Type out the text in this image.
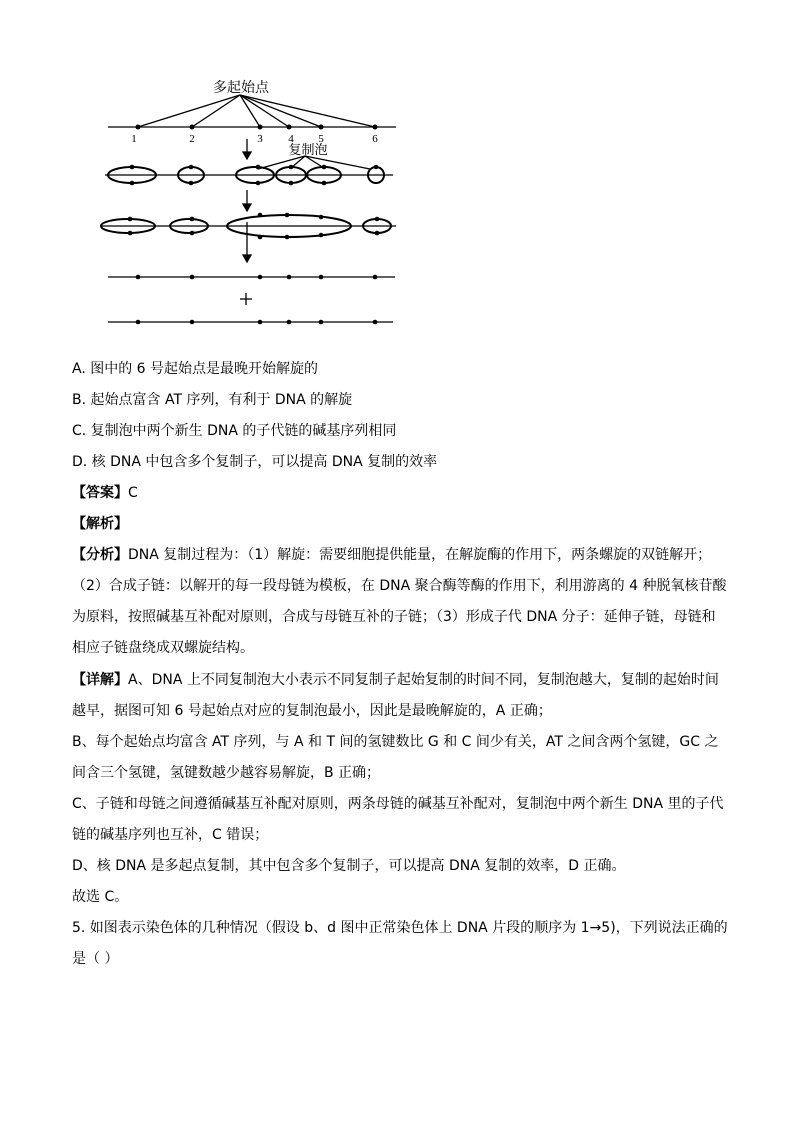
多起始点
1	2	3 4 5	6
复制泡
A. 图中的 6 号起始点是最晚开始解旋的
B. 起始点富含 AT 序列，有利于 DNA 的解旋
C. 复制泡中两个新生 DNA 的子代链的碱基序列相同
D. 核 DNA 中包含多个复制子，可以提高 DNA 复制的效率
【答案】C
【解析】
【分析】DNA 复制过程为：（1）解旋：需要细胞提供能量，在解旋酶的作用下，两条螺旋的双链解开；
（2）合成子链：以解开的每一段母链为模板，在 DNA 聚合酶等酶的作用下，利用游离的 4 种脱氧核苷酸
为原料，按照碱基互补配对原则，合成与母链互补的子链；（3）形成子代 DNA 分子：延伸子链，母链和
相应子链盘绕成双螺旋结构。
【详解】A、DNA 上不同复制泡大小表示不同复制子起始复制的时间不同，复制泡越大，复制的起始时间
越早，据图可知 6 号起始点对应的复制泡最小，因此是最晚解旋的，A 正确；
B、每个起始点均富含 AT 序列，与 A 和 T 间的氢键数比 G 和 C 间少有关，AT 之间含两个氢键，GC 之
间含三个氢键，氢键数越少越容易解旋，B 正确；
C、子链和母链之间遵循碱基互补配对原则，两条母链的碱基互补配对，复制泡中两个新生 DNA 里的子代
链的碱基序列也互补，C 错误；
D、核 DNA 是多起点复制，其中包含多个复制子，可以提高 DNA 复制的效率，D 正确。
故选 C。
5. 如图表示染色体的几种情况（假设 b、d 图中正常染色体上 DNA 片段的顺序为 1→5)，下列说法正确的
是（ ）
